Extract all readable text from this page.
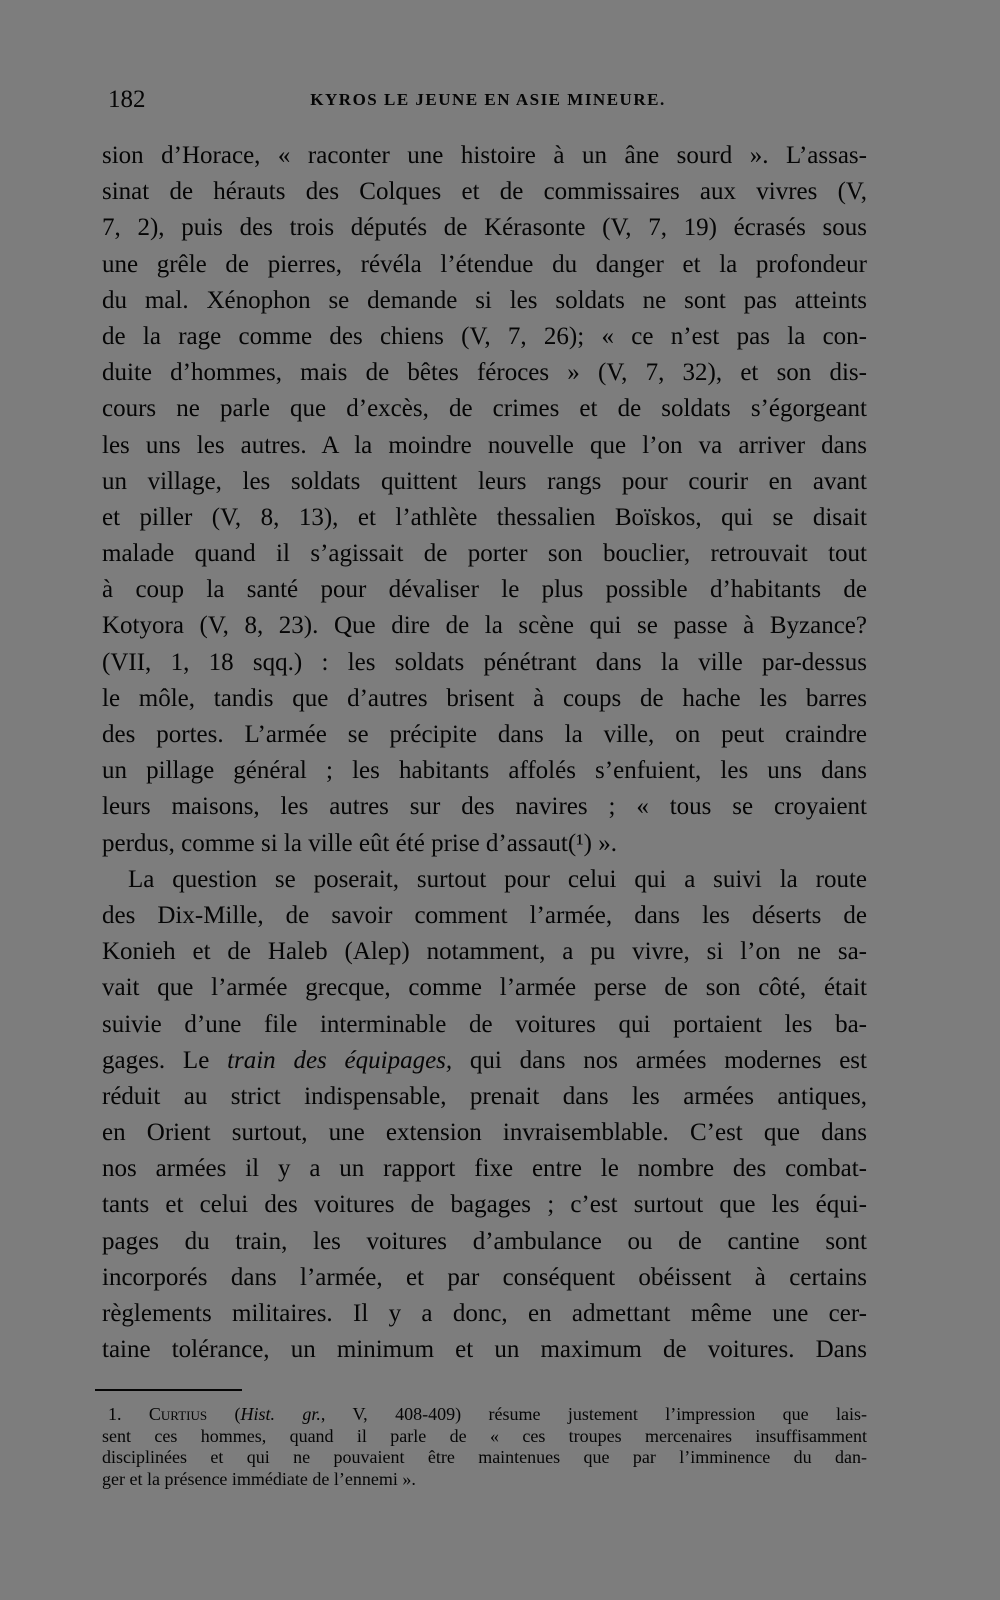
182	KYROS LE JEUNE EN ASIE MINEURE.
sion d’Horace, « raconter une histoire à un âne sourd ». L’assas-
sinat de hérauts des Colques et de commissaires aux vivres (V,
7, 2), puis des trois députés de Kérasonte (V, 7, 19) écrasés sous
une grêle de pierres, révéla l’étendue du danger et la profondeur
du mal. Xénophon se demande si les soldats ne sont pas atteints
de la rage comme des chiens (V, 7, 26); « ce n’est pas la con-
duite d’hommes, mais de bêtes féroces » (V, 7, 32), et son dis-
cours ne parle que d’excès, de crimes et de soldats s’égorgeant
les uns les autres. A la moindre nouvelle que l’on va arriver dans
un village, les soldats quittent leurs rangs pour courir en avant
et piller (V, 8, 13), et l’athlète thessalien Boïskos, qui se disait
malade quand il s’agissait de porter son bouclier, retrouvait tout
à coup la santé pour dévaliser le plus possible d’habitants de
Kotyora (V, 8, 23). Que dire de la scène qui se passe à Byzance?
(VII, 1, 18 sqq.) : les soldats pénétrant dans la ville par-dessus
le môle, tandis que d’autres brisent à coups de hache les barres
des portes. L’armée se précipite dans la ville, on peut craindre
un pillage général ; les habitants affolés s’enfuient, les uns dans
leurs maisons, les autres sur des navires ; « tous se croyaient
perdus, comme si la ville eût été prise d’assaut(¹) ».
La question se poserait, surtout pour celui qui a suivi la route
des Dix-Mille, de savoir comment l’armée, dans les déserts de
Konieh et de Haleb (Alep) notamment, a pu vivre, si l’on ne sa-
vait que l’armée grecque, comme l’armée perse de son côté, était
suivie d’une file interminable de voitures qui portaient les ba-
gages. Le train des équipages, qui dans nos armées modernes est
réduit au strict indispensable, prenait dans les armées antiques,
en Orient surtout, une extension invraisemblable. C’est que dans
nos armées il y a un rapport fixe entre le nombre des combat-
tants et celui des voitures de bagages ; c’est surtout que les équi-
pages du train, les voitures d’ambulance ou de cantine sont
incorporés dans l’armée, et par conséquent obéissent à certains
règlements militaires. Il y a donc, en admettant même une cer-
taine tolérance, un minimum et un maximum de voitures. Dans
1. Curtius (Hist. gr., V, 408-409) résume justement l’impression que lais-
sent ces hommes, quand il parle de « ces troupes mercenaires insuffisamment
disciplinées et qui ne pouvaient être maintenues que par l’imminence du dan-
ger et la présence immédiate de l’ennemi ».
